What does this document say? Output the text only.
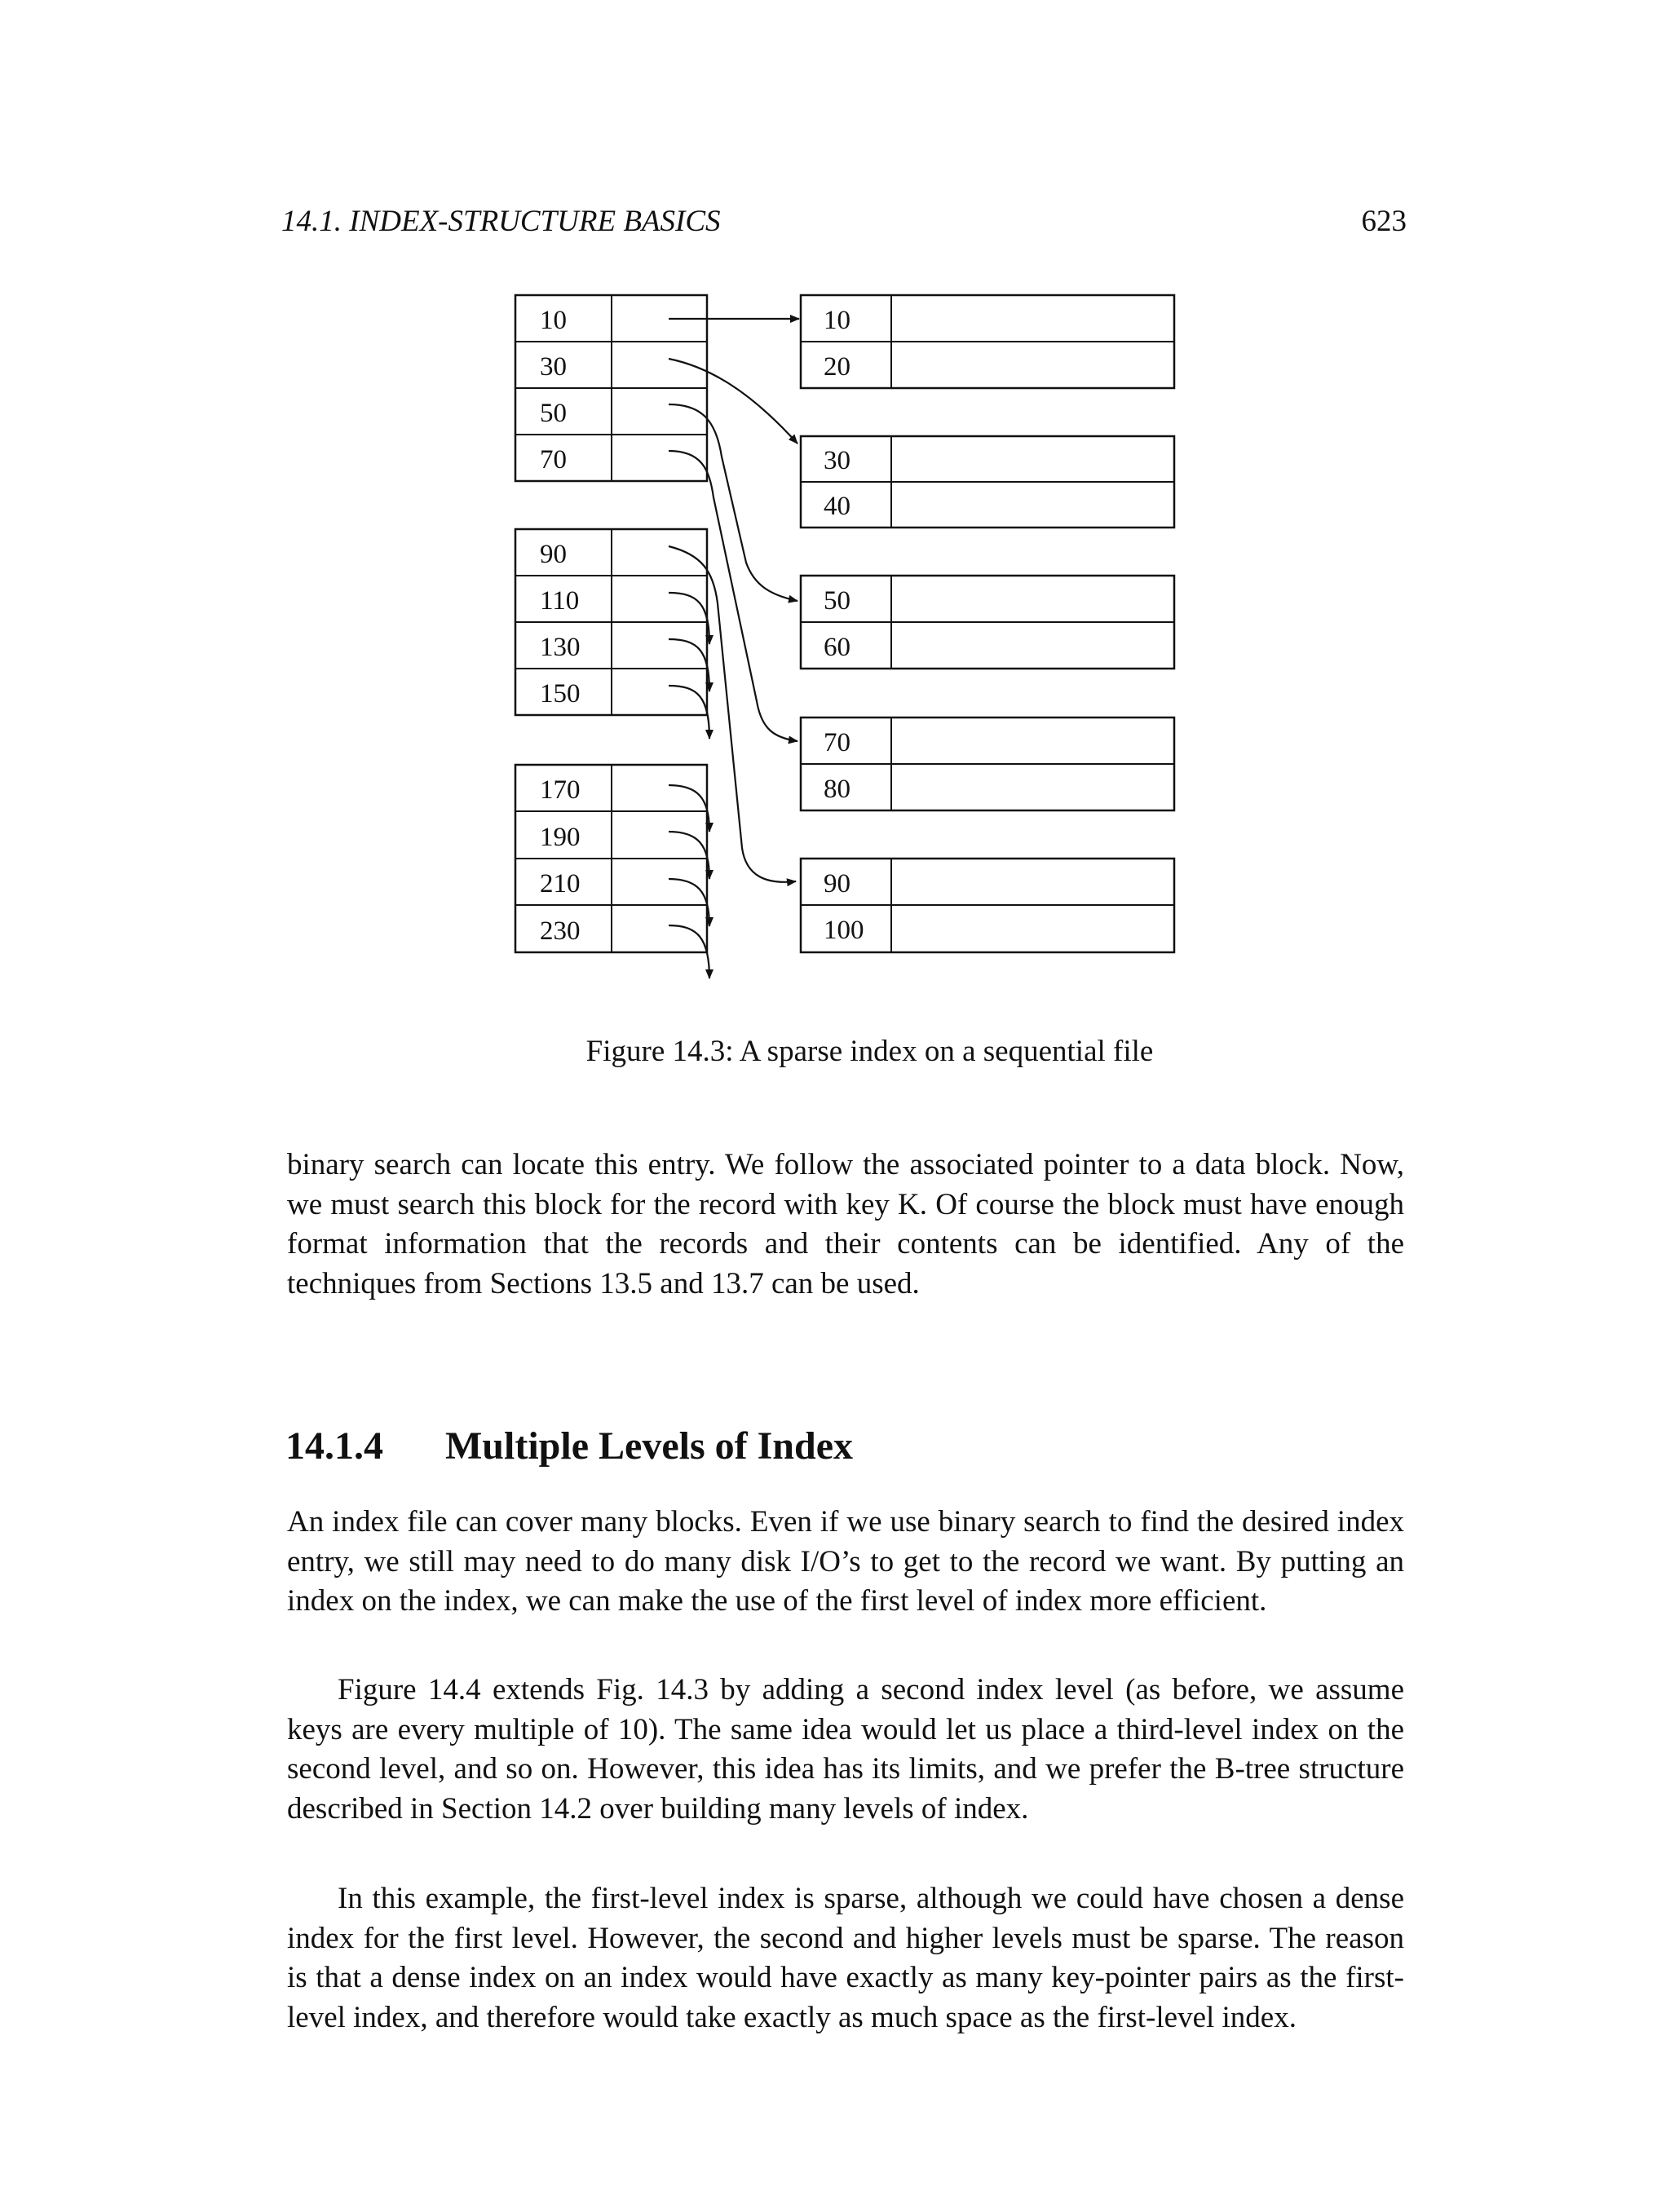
14.1. INDEX-STRUCTURE BASICS	623
10
30
50
70
90
110
130
150
170
190
210
230
10
20
30
40
50
60
70
80
90
100
Figure 14.3: A sparse index on a sequential file

binary search can locate this entry. We follow the associated pointer to a data block. Now, we must search this block for the record with key K. Of course the block must have enough format information that the records and their contents can be identified. Any of the techniques from Sections 13.5 and 13.7 can be used.

14.1.4 Multiple Levels of Index

An index file can cover many blocks. Even if we use binary search to find the desired index entry, we still may need to do many disk I/O’s to get to the record we want. By putting an index on the index, we can make the use of the first level of index more efficient.

Figure 14.4 extends Fig. 14.3 by adding a second index level (as before, we assume keys are every multiple of 10). The same idea would let us place a third-level index on the second level, and so on. However, this idea has its limits, and we prefer the B-tree structure described in Section 14.2 over building many levels of index.

In this example, the first-level index is sparse, although we could have chosen a dense index for the first level. However, the second and higher levels must be sparse. The reason is that a dense index on an index would have exactly as many key-pointer pairs as the first-level index, and therefore would take exactly as much space as the first-level index.
